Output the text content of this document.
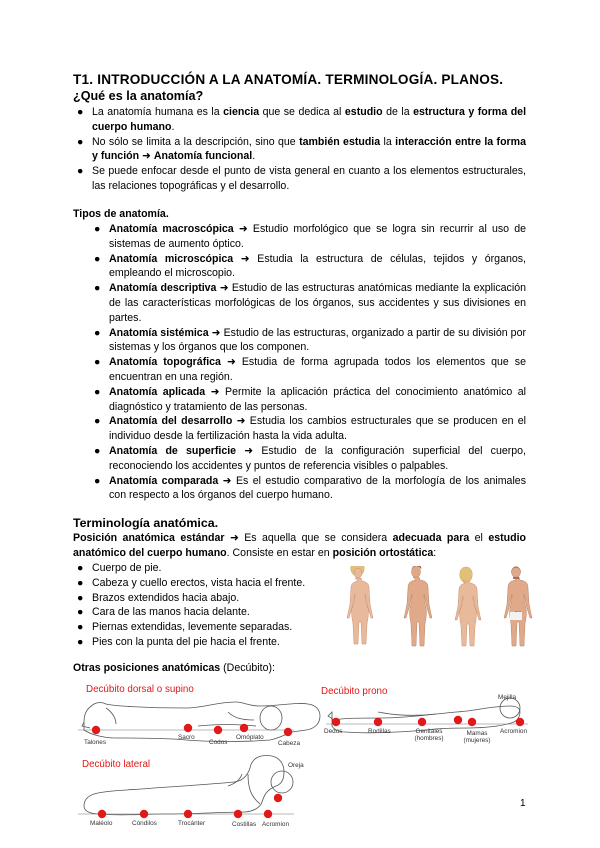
T1. INTRODUCCIÓN A LA ANATOMÍA. TERMINOLOGÍA. PLANOS.
¿Qué es la anatomía?
● La anatomía humana es la ciencia que se dedica al estudio de la estructura y forma del cuerpo humano.
● No sólo se limita a la descripción, sino que también estudia la interacción entre la forma y función ➜ Anatomía funcional.
● Se puede enfocar desde el punto de vista general en cuanto a los elementos estructurales, las relaciones topográficas y el desarrollo.
Tipos de anatomía.
● Anatomía macroscópica ➜ Estudio morfológico que se logra sin recurrir al uso de sistemas de aumento óptico.
● Anatomía microscópica ➜ Estudia la estructura de células, tejidos y órganos, empleando el microscopio.
● Anatomía descriptiva ➜ Estudio de las estructuras anatómicas mediante la explicación de las características morfológicas de los órganos, sus accidentes y sus divisiones en partes.
● Anatomía sistémica ➜ Estudio de las estructuras, organizado a partir de su división por sistemas y los órganos que los componen.
● Anatomía topográfica ➜ Estudia de forma agrupada todos los elementos que se encuentran en una región.
● Anatomía aplicada ➜ Permite la aplicación práctica del conocimiento anatómico al diagnóstico y tratamiento de las personas.
● Anatomía del desarrollo ➜ Estudia los cambios estructurales que se producen en el individuo desde la fertilización hasta la vida adulta.
● Anatomía de superficie ➜ Estudio de la configuración superficial del cuerpo, reconociendo los accidentes y puntos de referencia visibles o palpables.
● Anatomía comparada ➜ Es el estudio comparativo de la morfología de los animales con respecto a los órganos del cuerpo humano.
Terminología anatómica.
Posición anatómica estándar ➜ Es aquella que se considera adecuada para el estudio anatómico del cuerpo humano. Consiste en estar en posición ortostática:
● Cuerpo de pie.
● Cabeza y cuello erectos, vista hacia el frente.
● Brazos extendidos hacia abajo.
● Cara de las manos hacia delante.
● Piernas extendidas, levemente separadas.
● Pies con la punta del pie hacia el frente.
Otras posiciones anatómicas (Decúbito):
Decúbito dorsal o supino	Decúbito prono
Decúbito lateral
Talones
Sacro
Codos
Omóplato
Cabeza
Dedos	Rodillas	Genitales (hombres)
Mamas (mujeres)
Mejilla
Acromion
Maléolo	Cóndilos	Trocánter	Costillas Acromion
Oreja
1
